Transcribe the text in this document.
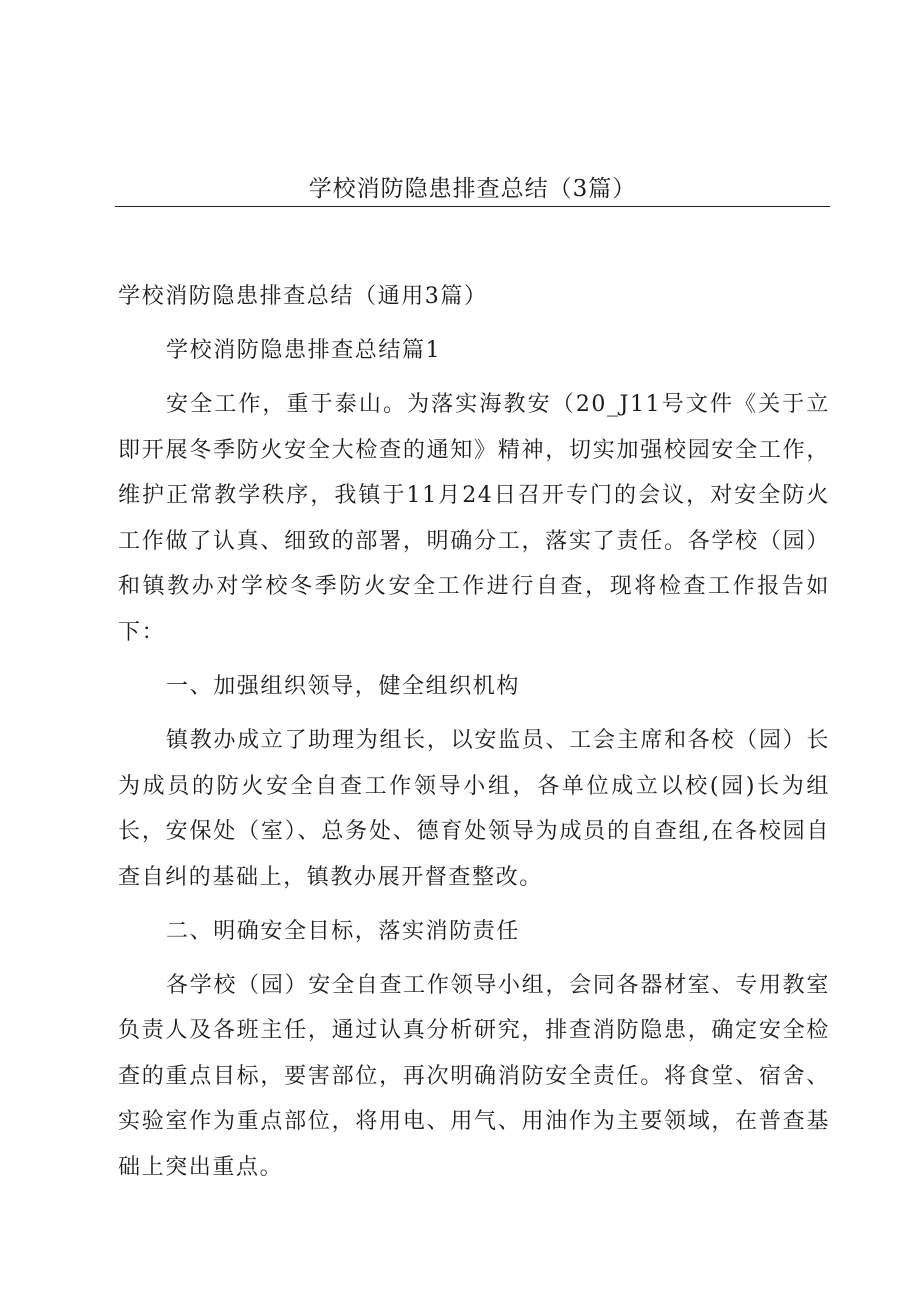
学校消防隐患排查总结（3篇）

学校消防隐患排查总结（通用3篇）

学校消防隐患排查总结篇1

安全工作，重于泰山。为落实海教安（20_J11号文件《关于立即开展冬季防火安全大检查的通知》精神，切实加强校园安全工作，维护正常教学秩序，我镇于11月24日召开专门的会议，对安全防火工作做了认真、细致的部署，明确分工，落实了责任。各学校（园）和镇教办对学校冬季防火安全工作进行自查，现将检查工作报告如下：

一、加强组织领导，健全组织机构

镇教办成立了助理为组长，以安监员、工会主席和各校（园）长为成员的防火安全自查工作领导小组，各单位成立以校(园)长为组长，安保处（室）、总务处、德育处领导为成员的自查组,在各校园自查自纠的基础上，镇教办展开督查整改。

二、明确安全目标，落实消防责任

各学校（园）安全自查工作领导小组，会同各器材室、专用教室负责人及各班主任，通过认真分析研究，排查消防隐患，确定安全检查的重点目标，要害部位，再次明确消防安全责任。将食堂、宿舍、实验室作为重点部位，将用电、用气、用油作为主要领域，在普查基础上突出重点。
